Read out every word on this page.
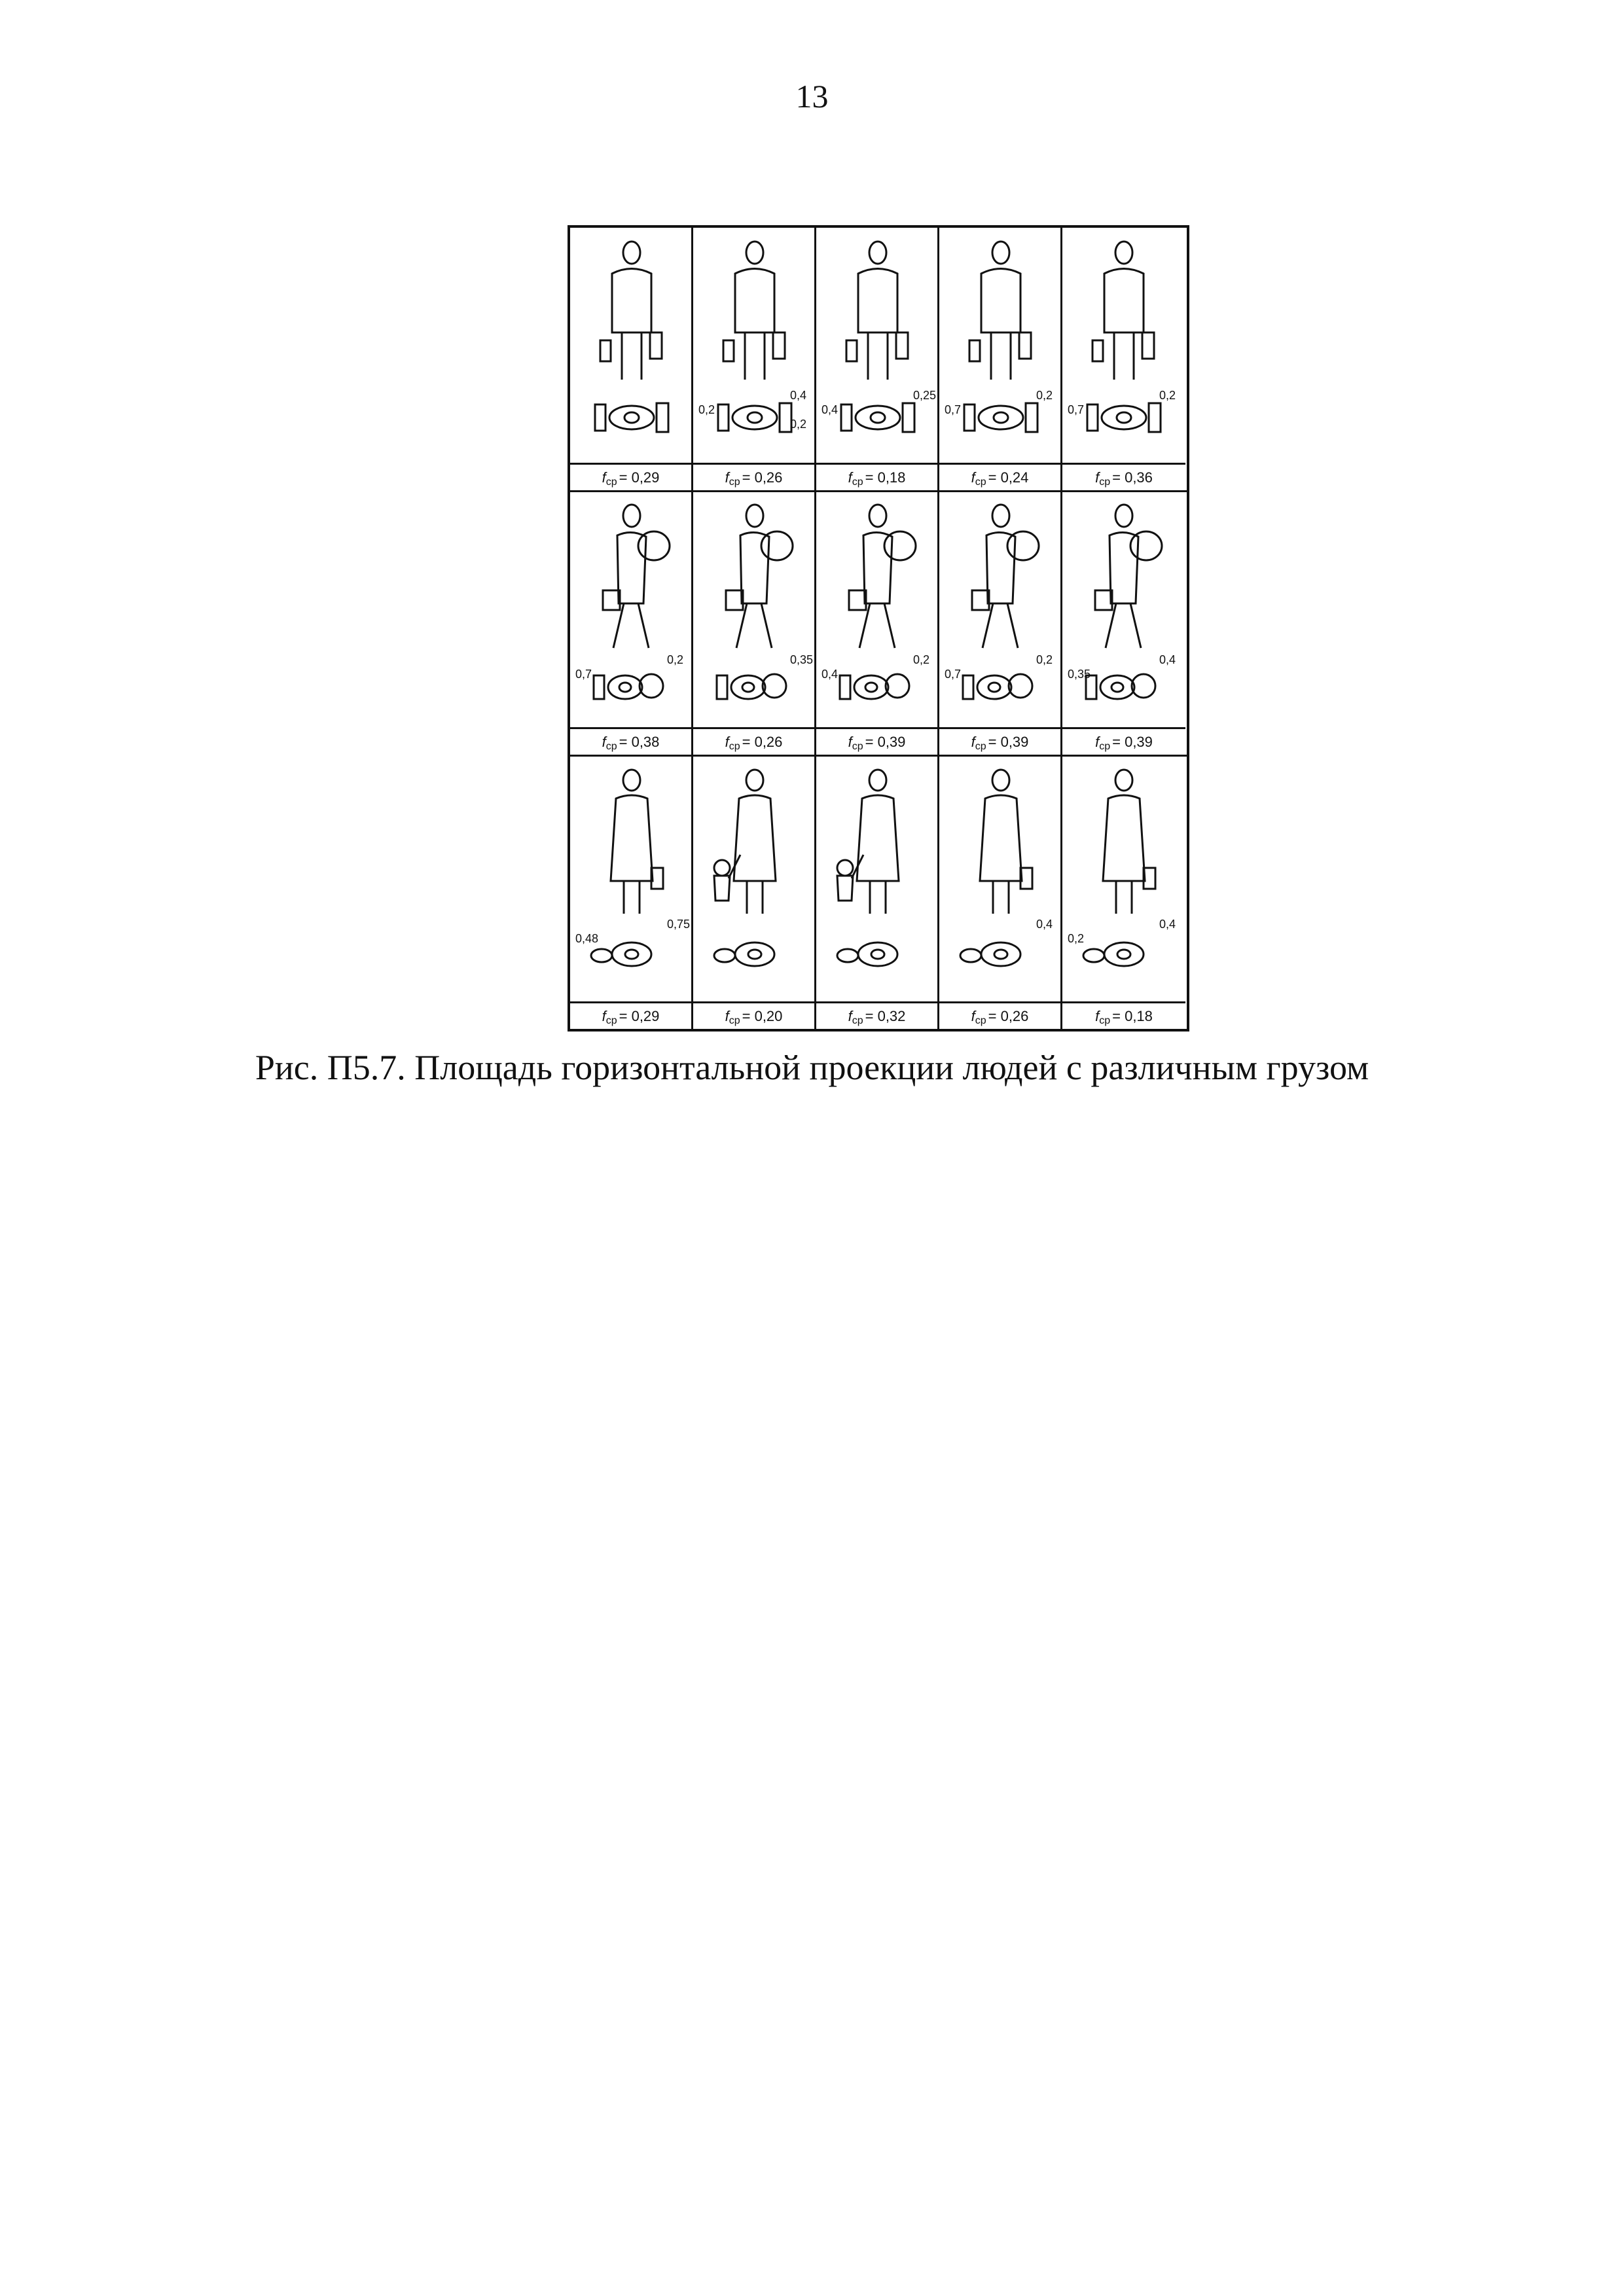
13
f ср = 0,29
0,4
0,2
0,2
f ср = 0,26
0,25
0,4
f ср = 0,18
0,2
0,7
f ср = 0,24
0,2
0,7
f ср = 0,36
0,2
0,7
f ср = 0,38
0,35
f ср = 0,26
0,2
0,4
f ср = 0,39
0,2
0,7
f ср = 0,39
0,4
0,35
f ср = 0,39
0,75
0,48
f ср = 0,29	f ср = 0,20	f ср = 0,32
0,4
f ср = 0,26
0,4
0,2
f ср = 0,18
Рис. П5.7. Площадь горизонтальной проекции людей с различным грузом
